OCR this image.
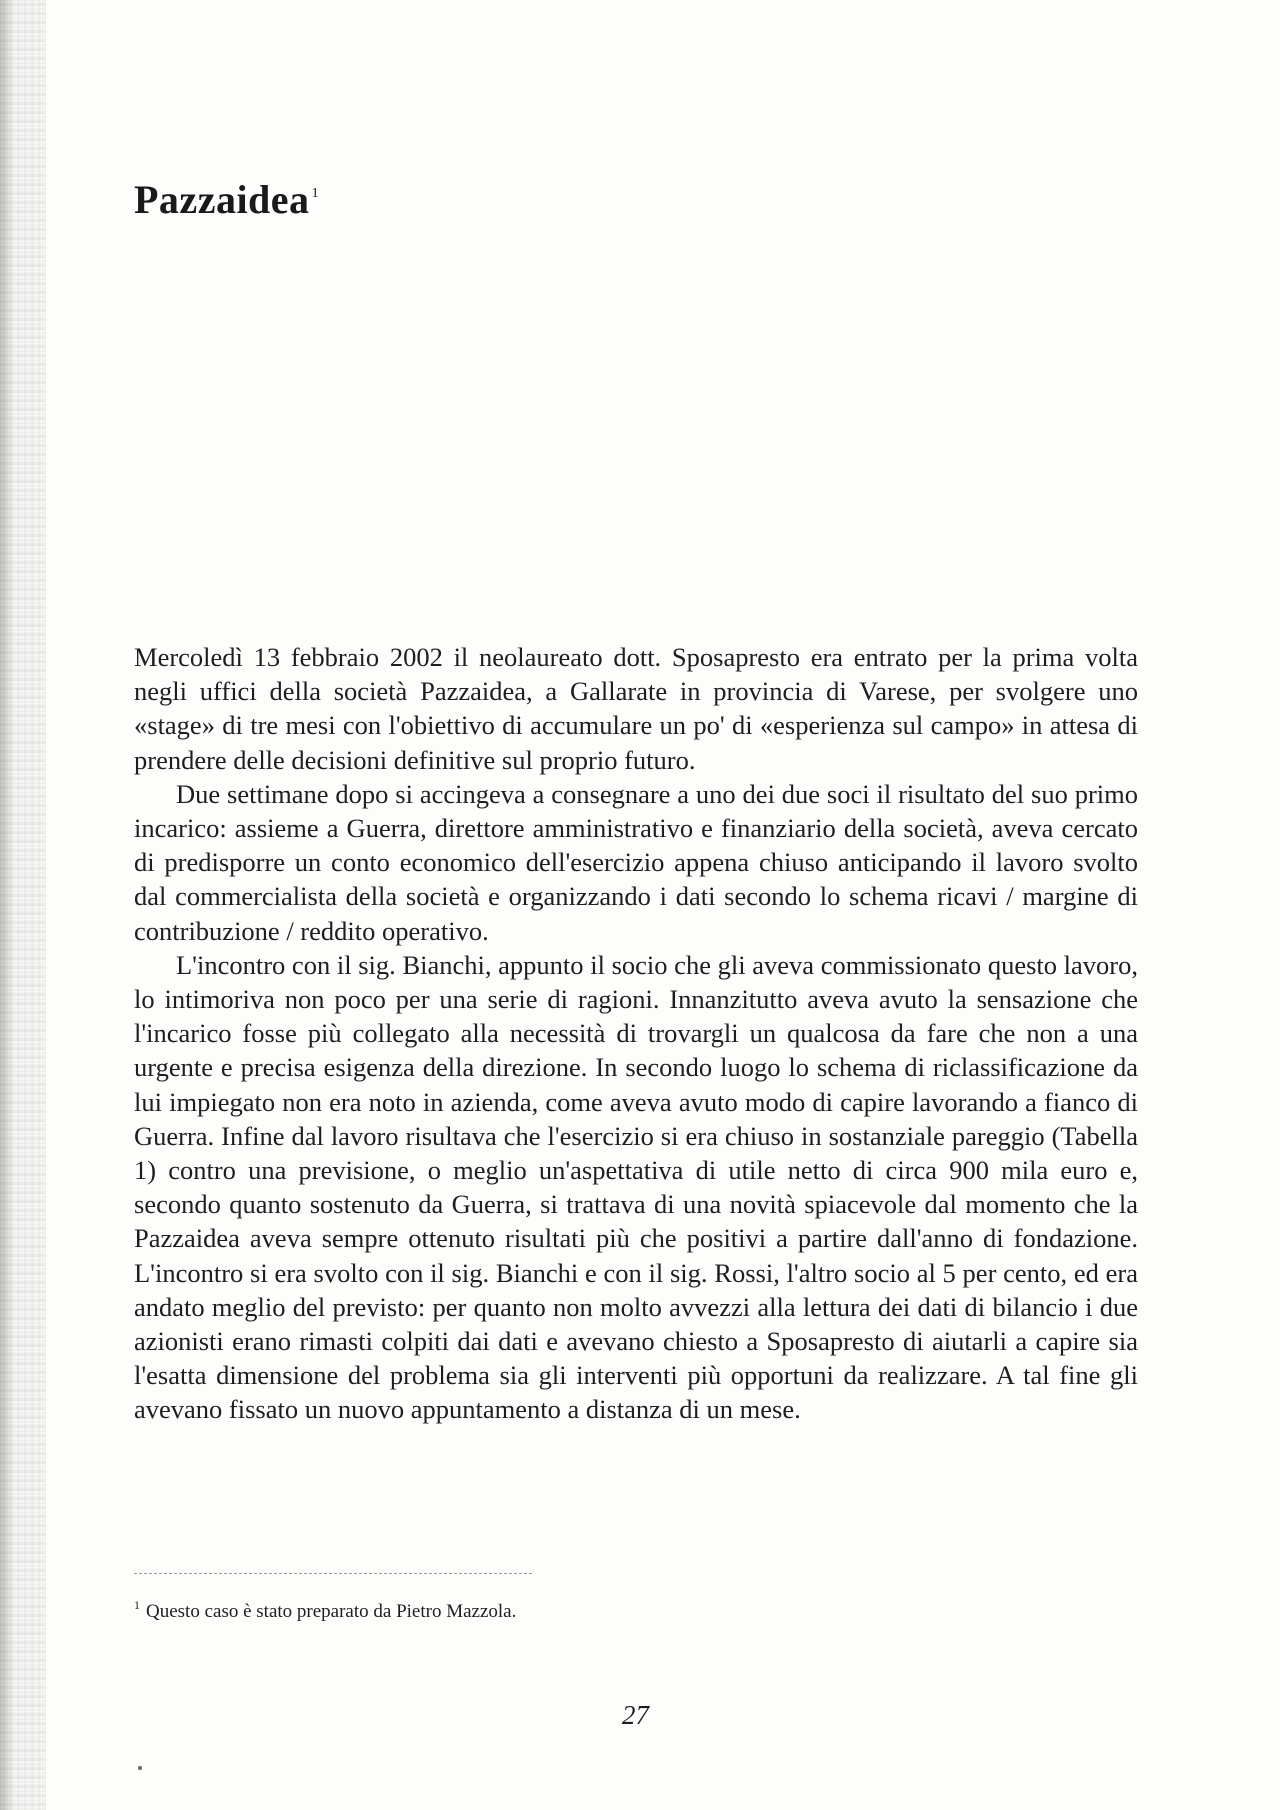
Pazzaidea $^1$

Mercoledì 13 febbraio 2002 il neolaureato dott. Sposapresto era entrato per la prima volta negli uffici della società Pazzaidea, a Gallarate in provincia di Varese, per svolgere uno «stage» di tre mesi con l'obiettivo di accumulare un po' di «esperienza sul campo» in attesa di prendere delle decisioni definitive sul proprio futuro.

Due settimane dopo si accingeva a consegnare a uno dei due soci il risultato del suo primo incarico: assieme a Guerra, direttore amministrativo e finanziario della società, aveva cercato di predisporre un conto economico dell'esercizio appena chiuso anticipando il lavoro svolto dal commercialista della società e organizzando i dati secondo lo schema ricavi / margine di contribuzione / reddito operativo.

L'incontro con il sig. Bianchi, appunto il socio che gli aveva commissionato questo lavoro, lo intimoriva non poco per una serie di ragioni. Innanzitutto aveva avuto la sensazione che l'incarico fosse più collegato alla necessità di trovargli un qualcosa da fare che non a una urgente e precisa esigenza della direzione. In secondo luogo lo schema di riclassificazione da lui impiegato non era noto in azienda, come aveva avuto modo di capire lavorando a fianco di Guerra. Infine dal lavoro risultava che l'esercizio si era chiuso in sostanziale pareggio (Tabella 1) contro una previsione, o meglio un'aspettativa di utile netto di circa 900 mila euro e, secondo quanto sostenuto da Guerra, si trattava di una novità spiacevole dal momento che la Pazzaidea aveva sempre ottenuto risultati più che positivi a partire dall'anno di fondazione. L'incontro si era svolto con il sig. Bianchi e con il sig. Rossi, l'altro socio al 5 per cento, ed era andato meglio del previsto: per quanto non molto avvezzi alla lettura dei dati di bilancio i due azionisti erano rimasti colpiti dai dati e avevano chiesto a Sposapresto di aiutarli a capire sia l'esatta dimensione del problema sia gli interventi più opportuni da realizzare. A tal fine gli avevano fissato un nuovo appuntamento a distanza di un mese.

$^1$ Questo caso è stato preparato da Pietro Mazzola.

27
